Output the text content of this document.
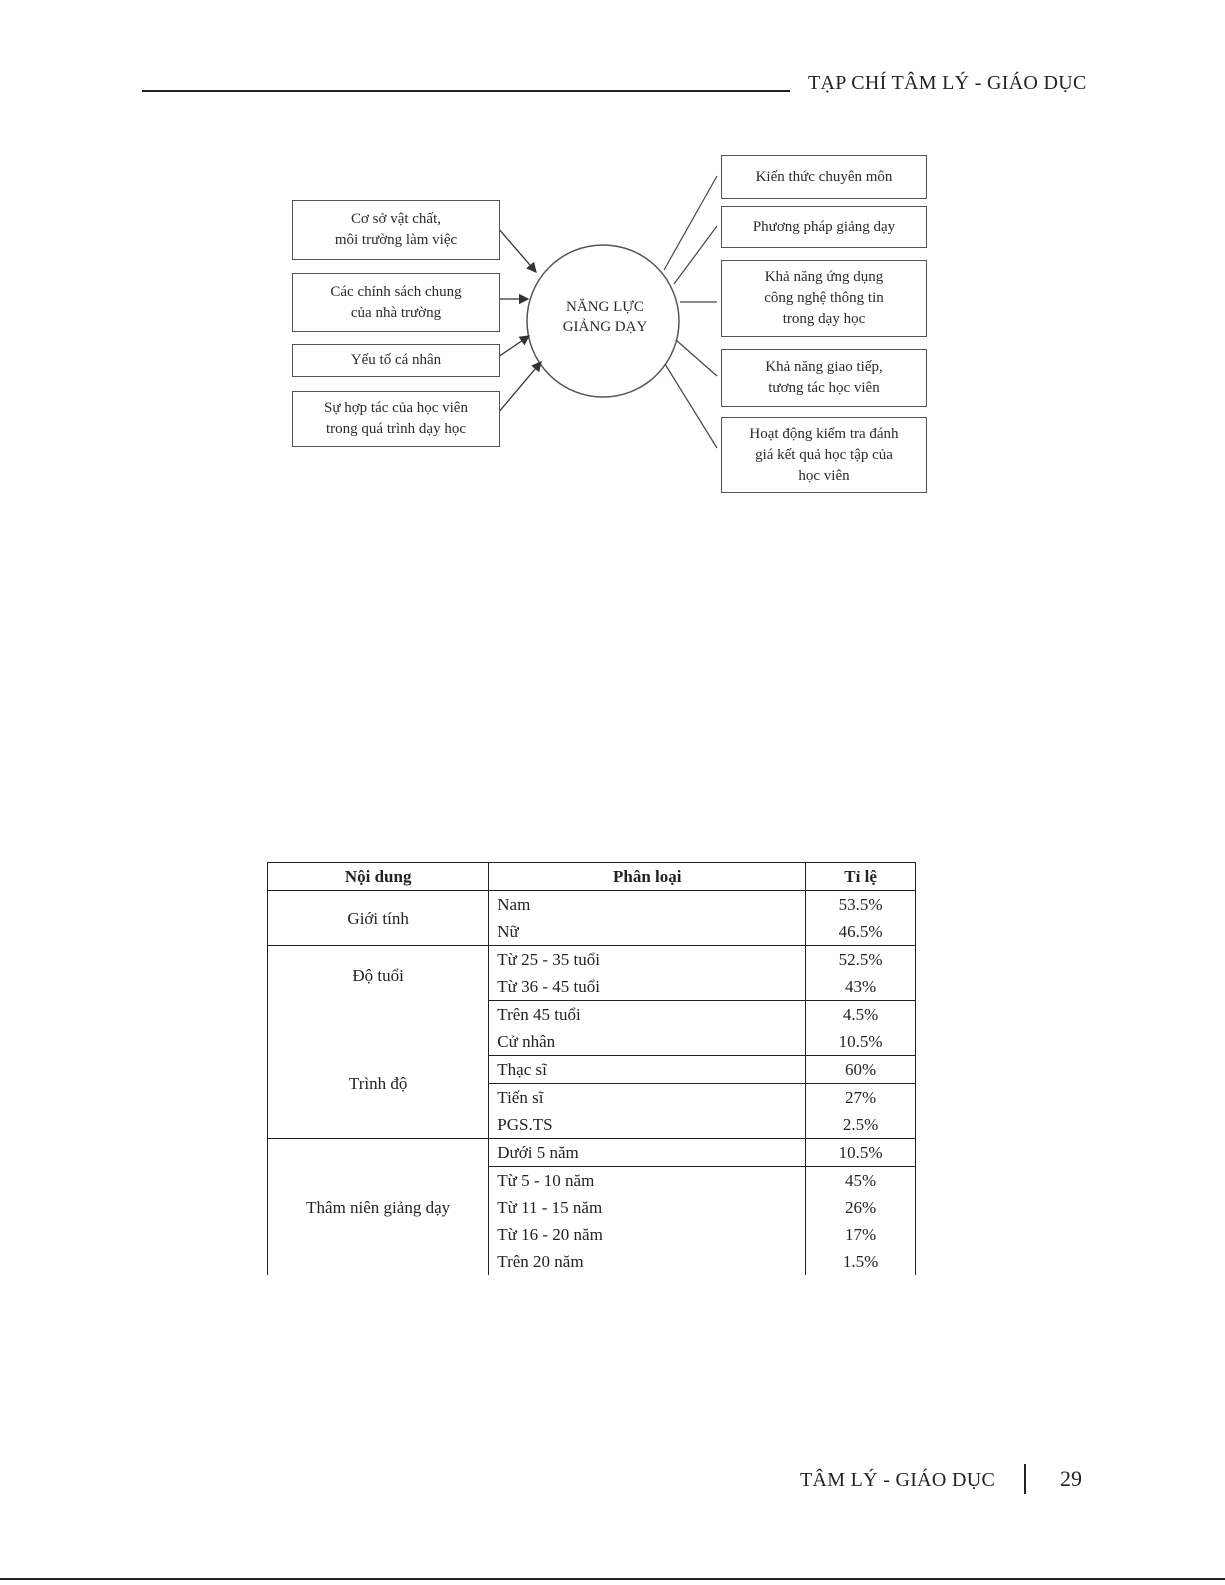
TẠP CHÍ TÂM LÝ - GIÁO DỤC
Cơ sở vật chất,
môi trường làm việc
Các chính sách chung
của nhà trường
Yếu tố cá nhân
Sự hợp tác của học viên
trong quá trình dạy học
NĂNG LỰC
GIẢNG DẠY
Kiến thức chuyên môn
Phương pháp giảng dạy
Khả năng ứng dụng
công nghệ thông tin
trong dạy học
Khả năng giao tiếp,
tương tác học viên
Hoạt động kiểm tra đánh
giá kết quả học tập của
học viên
Nội dung	Phân loại	Tỉ lệ
Giới tính	Nam	53.5%
	Nữ	46.5%
Độ tuổi	Từ 25 - 35 tuổi	52.5%
	Từ 36 - 45 tuổi	43%
	Trên 45 tuổi	4.5%
Trình độ	Cử nhân	10.5%
	Thạc sĩ	60%
	Tiến sĩ	27%
	PGS.TS	2.5%
Thâm niên giảng dạy	Dưới 5 năm	10.5%
	Từ 5 - 10 năm	45%
	Từ 11 - 15 năm	26%
	Từ 16 - 20 năm	17%
	Trên 20 năm	1.5%
TÂM LÝ - GIÁO DỤC	29
